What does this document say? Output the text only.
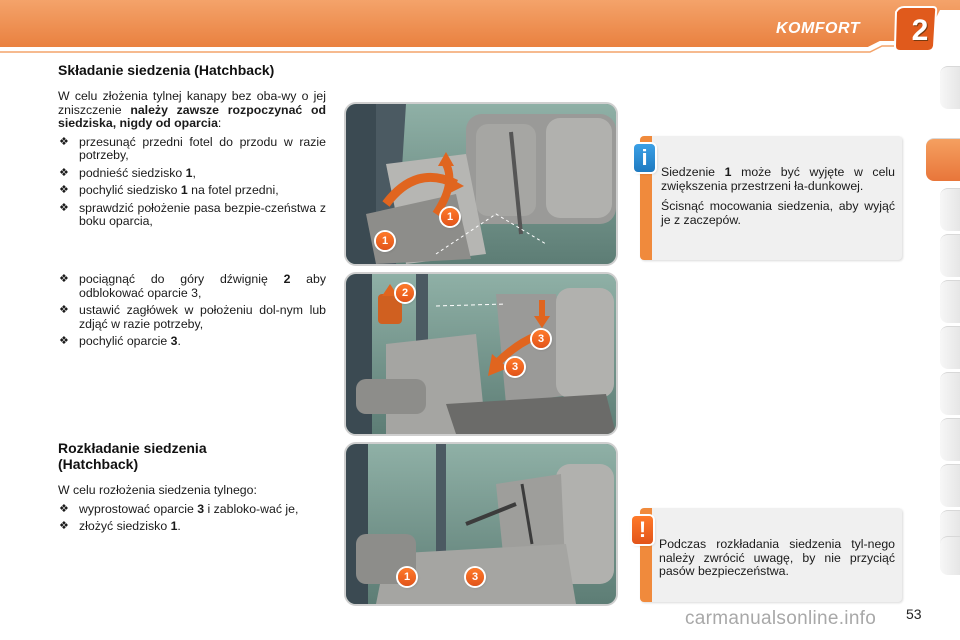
KOMFORT	2
Składanie siedzenia (Hatchback)

W celu złożenia tylnej kanapy bez oba-wy o jej zniszczenie należy zawsze rozpoczynać od siedziska, nigdy od oparcia:

❖ przesunąć przedni fotel do przodu w razie potrzeby,
❖ podnieść siedzisko 1,
❖ pochylić siedzisko 1 na fotel przedni,
❖ sprawdzić położenie pasa bezpie-czeństwa z boku oparcia,
❖ pociągnąć do góry dźwignię 2 aby odblokować oparcie 3,
❖ ustawić zagłówek w położeniu dol-nym lub zdjąć w razie potrzeby,
❖ pochylić oparcie 3.
Rozkładanie siedzenia (Hatchback)

W celu rozłożenia siedzenia tylnego:

❖ wyprostować oparcie 3 i zabloko-wać je,
❖ złożyć siedzisko 1.
1
1
2
3
3
1	3
i

Siedzenie 1 może być wyjęte w celu zwiększenia przestrzeni ła-dunkowej.

Ścisnąć mocowania siedzenia, aby wyjąć je z zaczepów.

!
Podczas rozkładania siedzenia tyl-nego należy zwrócić uwagę, by nie przyciąć pasów bezpieczeństwa.
carmanualsonline.info 53
